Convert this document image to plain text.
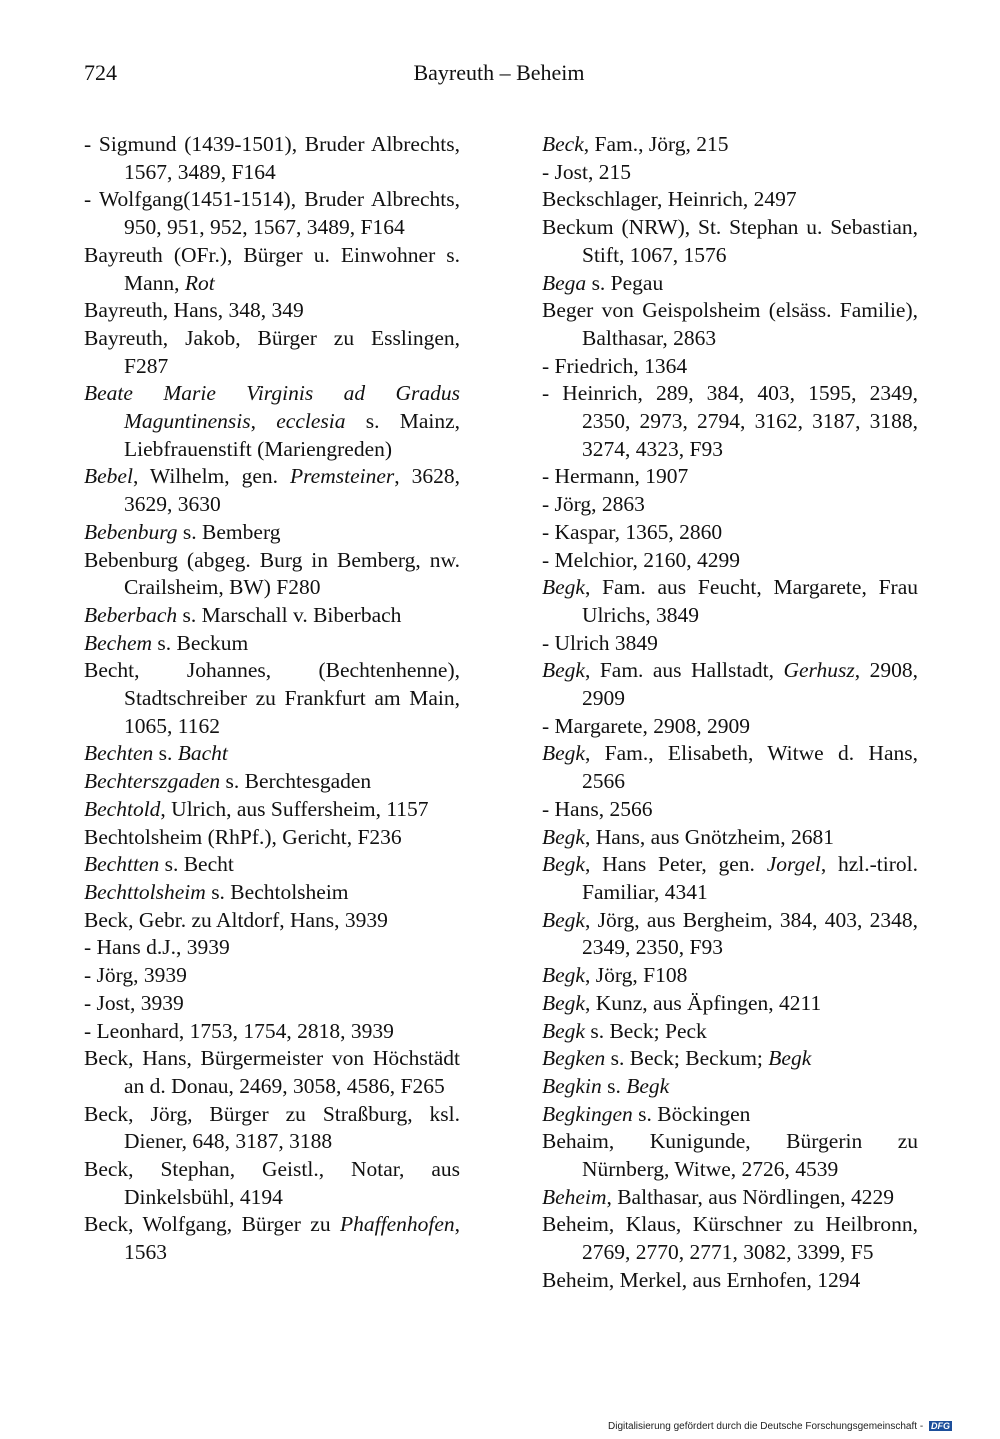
724	Bayreuth – Beheim
- Sigmund (1439-1501), Bruder Albrechts, 1567, 3489, F164
- Wolfgang(1451-1514), Bruder Albrechts, 950, 951, 952, 1567, 3489, F164
Bayreuth (OFr.), Bürger u. Einwohner s. Mann, Rot
Bayreuth, Hans, 348, 349
Bayreuth, Jakob, Bürger zu Esslingen, F287
Beate Marie Virginis ad Gradus Maguntinensis, ecclesia s. Mainz, Liebfrauenstift (Mariengreden)
Bebel, Wilhelm, gen. Premsteiner, 3628, 3629, 3630
Bebenburg s. Bemberg
Bebenburg (abgeg. Burg in Bemberg, nw. Crailsheim, BW) F280
Beberbach s. Marschall v. Biberbach
Bechem s. Beckum
Becht, Johannes, (Bechtenhenne), Stadtschreiber zu Frankfurt am Main, 1065, 1162
Bechten s. Bacht
Bechterszgaden s. Berchtesgaden
Bechtold, Ulrich, aus Suffersheim, 1157
Bechtolsheim (RhPf.), Gericht, F236
Bechtten s. Becht
Bechttolsheim s. Bechtolsheim
Beck, Gebr. zu Altdorf, Hans, 3939
- Hans d.J., 3939
- Jörg, 3939
- Jost, 3939
- Leonhard, 1753, 1754, 2818, 3939
Beck, Hans, Bürgermeister von Höchstädt an d. Donau, 2469, 3058, 4586, F265
Beck, Jörg, Bürger zu Straßburg, ksl. Diener, 648, 3187, 3188
Beck, Stephan, Geistl., Notar, aus Dinkelsbühl, 4194
Beck, Wolfgang, Bürger zu Phaffenhofen, 1563
Beck, Fam., Jörg, 215
- Jost, 215
Beckschlager, Heinrich, 2497
Beckum (NRW), St. Stephan u. Sebastian, Stift, 1067, 1576
Bega s. Pegau
Beger von Geispolsheim (elsäss. Familie), Balthasar, 2863
- Friedrich, 1364
- Heinrich, 289, 384, 403, 1595, 2349, 2350, 2973, 2794, 3162, 3187, 3188, 3274, 4323, F93
- Hermann, 1907
- Jörg, 2863
- Kaspar, 1365, 2860
- Melchior, 2160, 4299
Begk, Fam. aus Feucht, Margarete, Frau Ulrichs, 3849
- Ulrich 3849
Begk, Fam. aus Hallstadt, Gerhusz, 2908, 2909
- Margarete, 2908, 2909
Begk, Fam., Elisabeth, Witwe d. Hans, 2566
- Hans, 2566
Begk, Hans, aus Gnötzheim, 2681
Begk, Hans Peter, gen. Jorgel, hzl.-tirol. Familiar, 4341
Begk, Jörg, aus Bergheim, 384, 403, 2348, 2349, 2350, F93
Begk, Jörg, F108
Begk, Kunz, aus Äpfingen, 4211
Begk s. Beck; Peck
Begken s. Beck; Beckum; Begk
Begkin s. Begk
Begkingen s. Böckingen
Behaim, Kunigunde, Bürgerin zu Nürnberg, Witwe, 2726, 4539
Beheim, Balthasar, aus Nördlingen, 4229
Beheim, Klaus, Kürschner zu Heilbronn, 2769, 2770, 2771, 3082, 3399, F5
Beheim, Merkel, aus Ernhofen, 1294
Digitalisierung gefördert durch die Deutsche Forschungsgemeinschaft - DFG
